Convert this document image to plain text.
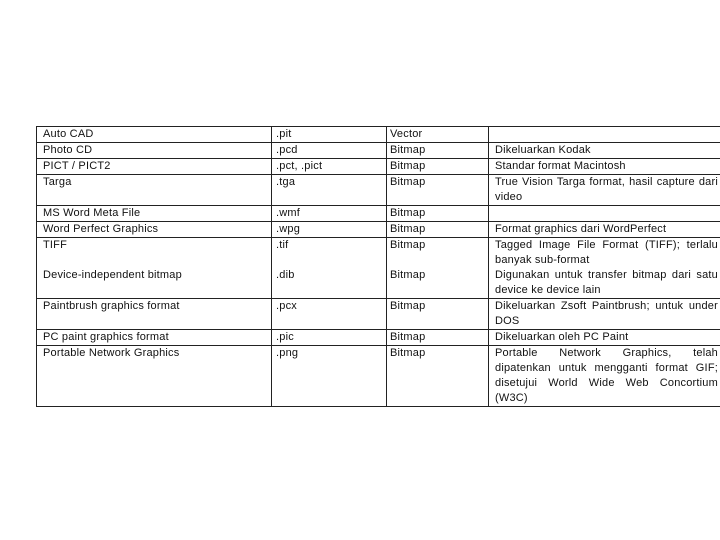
Auto CAD	.pit	Vector	
Photo CD	.pcd	Bitmap	Dikeluarkan Kodak
PICT / PICT2	.pct, .pict	Bitmap	Standar format Macintosh
Targa	.tga	Bitmap	True Vision Targa format, hasil capture dari video
MS Word Meta File	.wmf	Bitmap	
Word Perfect Graphics	.wpg	Bitmap	Format graphics dari WordPerfect
TIFF	.tif	Bitmap	Tagged Image File Format (TIFF); terlalu banyak sub-format
Device-independent bitmap	.dib	Bitmap	Digunakan untuk transfer bitmap dari satu device ke device lain
Paintbrush graphics format	.pcx	Bitmap	Dikeluarkan Zsoft Paintbrush; untuk under DOS
PC paint graphics format	.pic	Bitmap	Dikeluarkan oleh PC Paint
Portable Network Graphics	.png	Bitmap	Portable Network Graphics, telah dipatenkan untuk mengganti format GIF; disetujui World Wide Web Concortium (W3C)
